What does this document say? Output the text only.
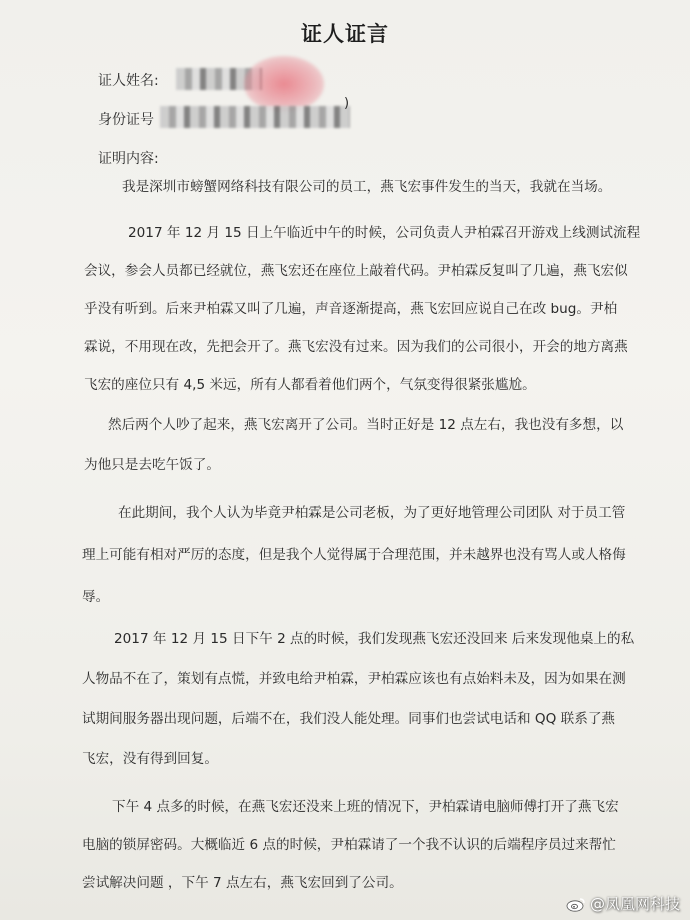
证人证言
证人姓名:
身份证号
)
证明内容:
我是深圳市螃蟹网络科技有限公司的员工，燕飞宏事件发生的当天，我就在当场。
2017 年 12 月 15 日上午临近中午的时候，公司负责人尹柏霖召开游戏上线测试流程
会议，参会人员都已经就位，燕飞宏还在座位上敲着代码。尹柏霖反复叫了几遍，燕飞宏似
乎没有听到。后来尹柏霖又叫了几遍，声音逐渐提高，燕飞宏回应说自己在改 bug。尹柏
霖说，不用现在改，先把会开了。燕飞宏没有过来。因为我们的公司很小，开会的地方离燕
飞宏的座位只有 4,5 米远，所有人都看着他们两个，气氛变得很紧张尴尬。
然后两个人吵了起来，燕飞宏离开了公司。当时正好是 12 点左右，我也没有多想，以
为他只是去吃午饭了。
在此期间，我个人认为毕竟尹柏霖是公司老板，为了更好地管理公司团队 对于员工管
理上可能有相对严厉的态度，但是我个人觉得属于合理范围，并未越界也没有骂人或人格侮
辱。
2017 年 12 月 15 日下午 2 点的时候，我们发现燕飞宏还没回来 后来发现他桌上的私
人物品不在了，策划有点慌，并致电给尹柏霖，尹柏霖应该也有点始料未及，因为如果在测
试期间服务器出现问题，后端不在，我们没人能处理。同事们也尝试电话和 QQ 联系了燕
飞宏，没有得到回复。
下午 4 点多的时候，在燕飞宏还没来上班的情况下，尹柏霖请电脑师傅打开了燕飞宏
电脑的锁屏密码。大概临近 6 点的时候，尹柏霖请了一个我不认识的后端程序员过来帮忙
尝试解决问题 ，下午 7 点左右，燕飞宏回到了公司。
@凤凰网科技
